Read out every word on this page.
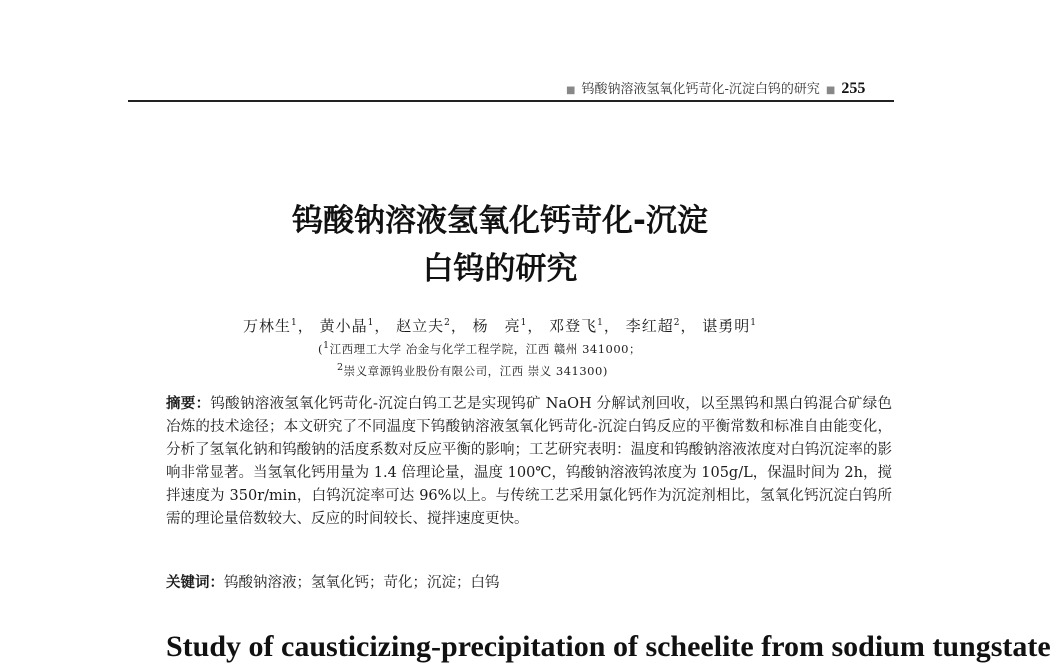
■ 钨酸钠溶液氢氧化钙苛化-沉淀白钨的研究 ■ 255
钨酸钠溶液氢氧化钙苛化-沉淀
白钨的研究
万林生$^1$， 黄小晶$^1$， 赵立夫$^2$， 杨　亮$^1$， 邓登飞$^1$， 李红超$^2$， 谌勇明$^1$
($^1$江西理工大学 冶金与化学工程学院，江西 赣州 341000；
$^2$崇义章源钨业股份有限公司，江西 崇义 341300)
摘要：钨酸钠溶液氢氧化钙苛化-沉淀白钨工艺是实现钨矿 NaOH 分解试剂回收，以至黑钨和黑白钨混合矿绿色冶炼的技术途径；本文研究了不同温度下钨酸钠溶液氢氧化钙苛化-沉淀白钨反应的平衡常数和标准自由能变化，分析了氢氧化钠和钨酸钠的活度系数对反应平衡的影响；工艺研究表明：温度和钨酸钠溶液浓度对白钨沉淀率的影响非常显著。当氢氧化钙用量为 1.4 倍理论量，温度 100℃，钨酸钠溶液钨浓度为 105g/L，保温时间为 2h，搅拌速度为 350r/min，白钨沉淀率可达 96%以上。与传统工艺采用氯化钙作为沉淀剂相比，氢氧化钙沉淀白钨所需的理论量倍数较大、反应的时间较长、搅拌速度更快。
关键词：钨酸钠溶液；氢氧化钙；苛化；沉淀；白钨
Study of causticizing-precipitation of scheelite from sodium tungstate
